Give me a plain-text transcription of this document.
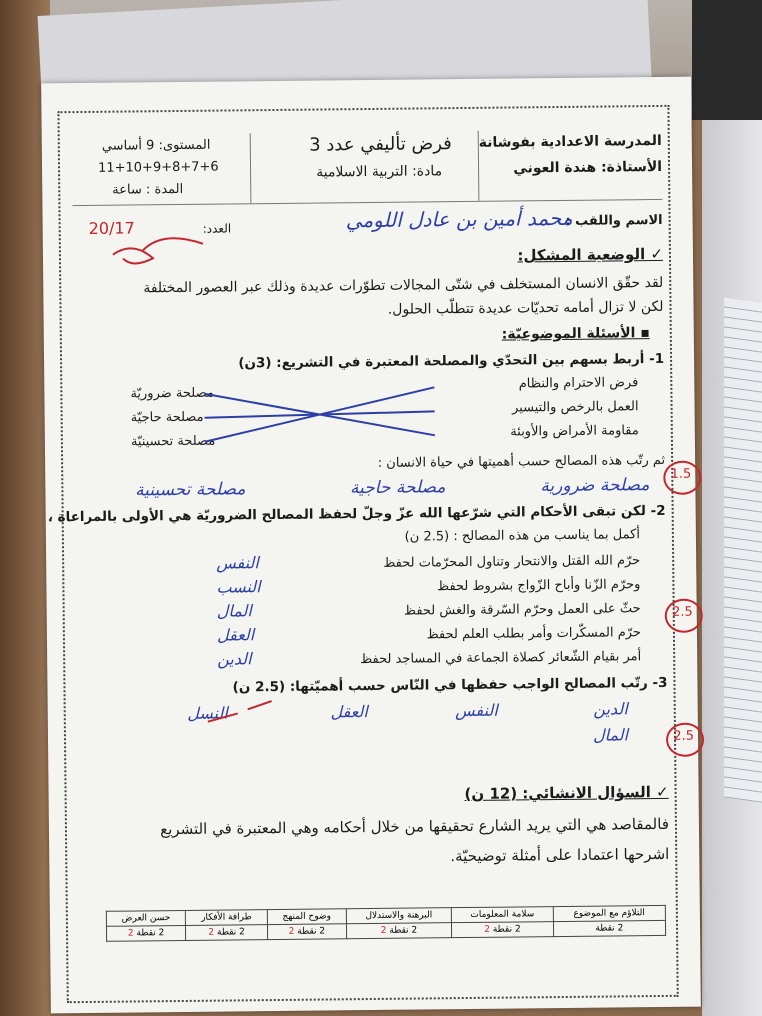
المدرسة الاعدادية بفوشانة
الأستاذة: هندة العوني
فرض تأليفي عدد 3
مادة: التربية الاسلامية
المستوى: 9 أساسي
11+10+9+8+7+6
المدة : ساعة
الاسم واللقب :
محمد أمين بن عادل اللومي
العدد:
20/17
✓ الوضعية المشكل:
لقد حقّق الانسان المستخلف في شتّى المجالات تطوّرات عديدة وذلك عبر العصور المختلفة
لكن لا تزال أمامه تحديّات عديدة تتطلّب الحلول.
▪ الأسئلة الموضوعيّة:
1- أربط بسهم بين التحدّي والمصلحة المعتبرة في التشريع: (3ن)
فرض الاحترام والنظام
العمل بالرخص والتيسير
مقاومة الأمراض والأوبئة
مصلحة ضروريّة
مصلحة حاجيّة
مصلحة تحسينيّة
ثم رتّب هذه المصالح حسب أهميتها في حياة الانسان :
مصلحة ضرورية
مصلحة حاجية
مصلحة تحسينية
1.5
2- لكن تبقى الأحكام التي شرّعها الله عزّ وجلّ لحفظ المصالح الضروريّة هي الأولى بالمراعاة ،
أكمل بما يناسب من هذه المصالح : (2.5 ن)
حرّم الله القتل والانتحار وتناول المحرّمات لحفظ
النفس
وحرّم الزّنا وأباح الزّواج بشروط لحفظ
النسب
حثّ على العمل وحرّم السّرقة والغش لحفظ
المال
حرّم المسكّرات وأمر بطلب العلم لحفظ
العقل
أمر بقيام الشّعائر كصلاة الجماعة في المساجد لحفظ
الدين
2.5
3- رتّب المصالح الواجب حفظها في النّاس حسب أهميّتها: (2.5 ن)
الدين
النفس
العقل
النسل
المال	2.5
✓ السؤال الانشائي: (12 ن)
فالمقاصد هي التي يريد الشارع تحقيقها من خلال أحكامه وهي المعتبرة في التشريع
اشرحها اعتمادا على أمثلة توضيحيّة.
التلاؤم مع الموضوع	سلامة المعلومات	البرهنة والاستدلال	وضوح المنهج	طرافة الأفكار	حسن العرض
2 نقطة	2 نقطة 2	2 نقطة 2	2 نقطة 2	2 نقطة 2	2 نقطة 2
